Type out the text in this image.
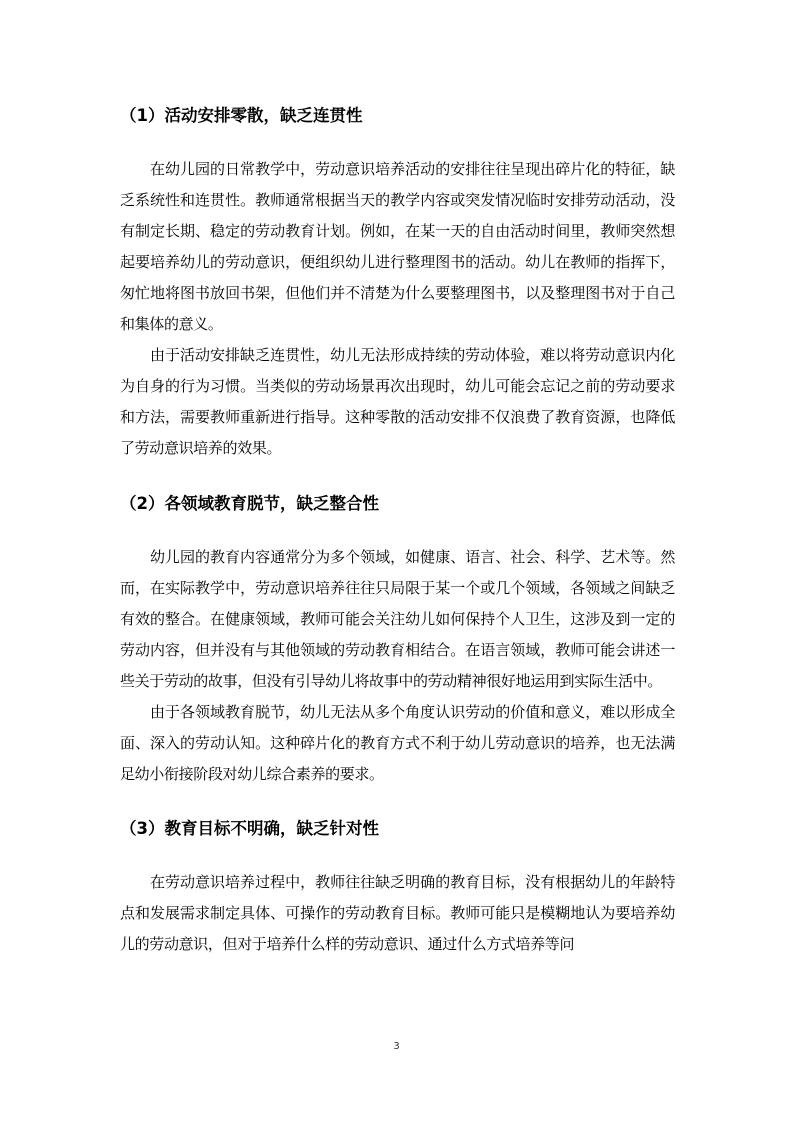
（1）活动安排零散，缺乏连贯性

在幼儿园的日常教学中，劳动意识培养活动的安排往往呈现出碎片化的特征，缺乏系统性和连贯性。教师通常根据当天的教学内容或突发情况临时安排劳动活动，没有制定长期、稳定的劳动教育计划。例如，在某一天的自由活动时间里，教师突然想起要培养幼儿的劳动意识，便组织幼儿进行整理图书的活动。幼儿在教师的指挥下，匆忙地将图书放回书架，但他们并不清楚为什么要整理图书，以及整理图书对于自己和集体的意义。

由于活动安排缺乏连贯性，幼儿无法形成持续的劳动体验，难以将劳动意识内化为自身的行为习惯。当类似的劳动场景再次出现时，幼儿可能会忘记之前的劳动要求和方法，需要教师重新进行指导。这种零散的活动安排不仅浪费了教育资源，也降低了劳动意识培养的效果。

（2）各领域教育脱节，缺乏整合性

幼儿园的教育内容通常分为多个领域，如健康、语言、社会、科学、艺术等。然而，在实际教学中，劳动意识培养往往只局限于某一个或几个领域，各领域之间缺乏有效的整合。在健康领域，教师可能会关注幼儿如何保持个人卫生，这涉及到一定的劳动内容，但并没有与其他领域的劳动教育相结合。在语言领域，教师可能会讲述一些关于劳动的故事，但没有引导幼儿将故事中的劳动精神很好地运用到实际生活中。

由于各领域教育脱节，幼儿无法从多个角度认识劳动的价值和意义，难以形成全面、深入的劳动认知。这种碎片化的教育方式不利于幼儿劳动意识的培养，也无法满足幼小衔接阶段对幼儿综合素养的要求。

（3）教育目标不明确，缺乏针对性

在劳动意识培养过程中，教师往往缺乏明确的教育目标，没有根据幼儿的年龄特点和发展需求制定具体、可操作的劳动教育目标。教师可能只是模糊地认为要培养幼儿的劳动意识，但对于培养什么样的劳动意识、通过什么方式培养等问

3
